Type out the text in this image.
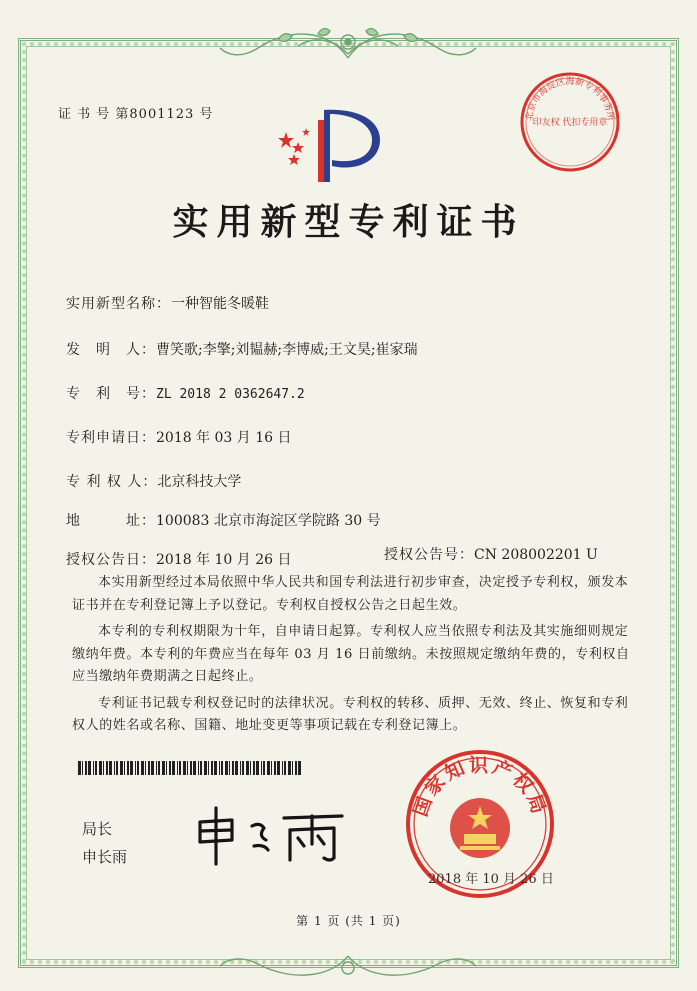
证 书 号 第8001123 号	北京市海淀区海新专利事务所
印友权 代扣专用章
实用新型专利证书
实用新型名称：一种智能冬暖鞋
发　明　人：曹笑歌;李擎;刘韫赫;李博威;王文昊;崔家瑞
专　利　号：ZL 2018 2 0362647.2
专利申请日：2018 年 03 月 16 日
专 利 权 人：北京科技大学
地　　　址：100083 北京市海淀区学院路 30 号
授权公告日：2018 年 10 月 26 日	授权公告号：CN 208002201 U

本实用新型经过本局依照中华人民共和国专利法进行初步审查，决定授予专利权，颁发本证书并在专利登记簿上予以登记。专利权自授权公告之日起生效。

本专利的专利权期限为十年，自申请日起算。专利权人应当依照专利法及其实施细则规定缴纳年费。本专利的年费应当在每年 03 月 16 日前缴纳。未按照规定缴纳年费的，专利权自应当缴纳年费期满之日起终止。

专利证书记载专利权登记时的法律状况。专利权的转移、质押、无效、终止、恢复和专利权人的姓名或名称、国籍、地址变更等事项记载在专利登记簿上。

局长
申长雨
国家知识产权局
2018 年 10 月 26 日
第 1 页 (共 1 页)
